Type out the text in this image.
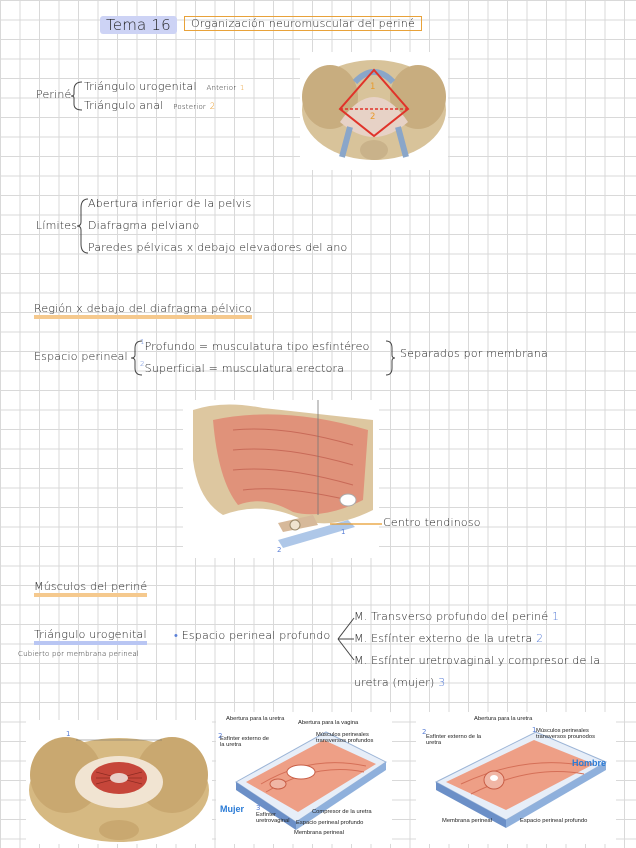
Tema 16	Organización neuromuscular del periné
Periné
Triángulo urogenital Anterior 1
Triángulo anal Posterior 2
1
2
Límites
Abertura inferior de la pelvis
Diafragma pelviano
Paredes pélvicas x debajo elevadores del ano
Región x debajo del diafragma pélvico
Espacio perineal
$^1$Profundo = musculatura tipo esfintéreo
$^2$Superficial = musculatura erectora
Separados por membrana
1
2
Centro tendinoso
Músculos del periné
Triángulo urogenital
Cubierto por membrana perineal
• Espacio perineal profundo
M. Transverso profundo del periné 1
M. Esfínter externo de la uretra 2
M. Esfínter uretrovaginal y compresor de la
uretra (mujer) 3
1
Abertura para la uretra
Abertura para la vagina
Esfínter externo de la uretra
Músculos perineales transversos profundos
Mujer
Esfínter uretrovaginal
Compresor de la uretra
Espacio perineal profundo
Membrana perineal
2
3
Abertura para la uretra
Esfínter externo de la uretra
Músculos perineales transversos prounodos
Hombre
Membrana perineal	Espacio perineal profundo
2	1
